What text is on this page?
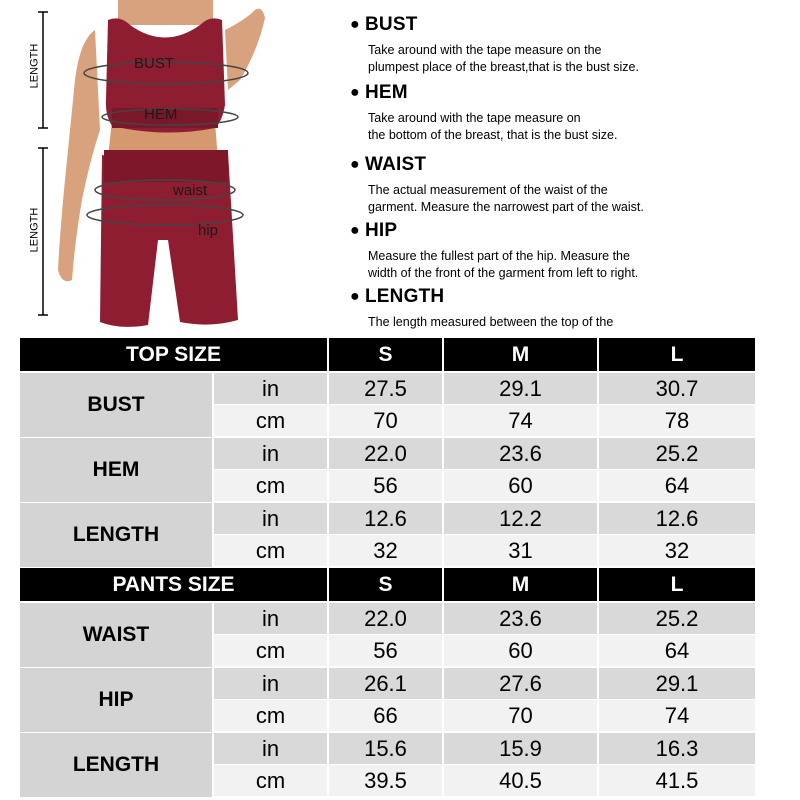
LENGTH
LENGTH
BUST
HEM
waist
hip
● BUST
Take around with the tape measure on the
plumpest place of the breast,that is the bust size.
● HEM
Take around with the tape measure on
the bottom of the breast, that is the bust size.
● WAIST
The actual measurement of the waist of the
garment. Measure the narrowest part of the waist.
● HIP
Measure the fullest part of the hip. Measure the
width of the front of the garment from left to right.
● LENGTH
The length measured between the top of the
TOP SIZE	S	M	L
BUST
in	27.5	29.1	30.7
cm	70	74	78
HEM
in	22.0	23.6	25.2
cm	56	60	64
LENGTH
in	12.6	12.2	12.6
cm	32	31	32
PANTS SIZE	S	M	L
WAIST
in	22.0	23.6	25.2
cm	56	60	64
HIP
in	26.1	27.6	29.1
cm	66	70	74
LENGTH
in	15.6	15.9	16.3
cm	39.5	40.5	41.5
